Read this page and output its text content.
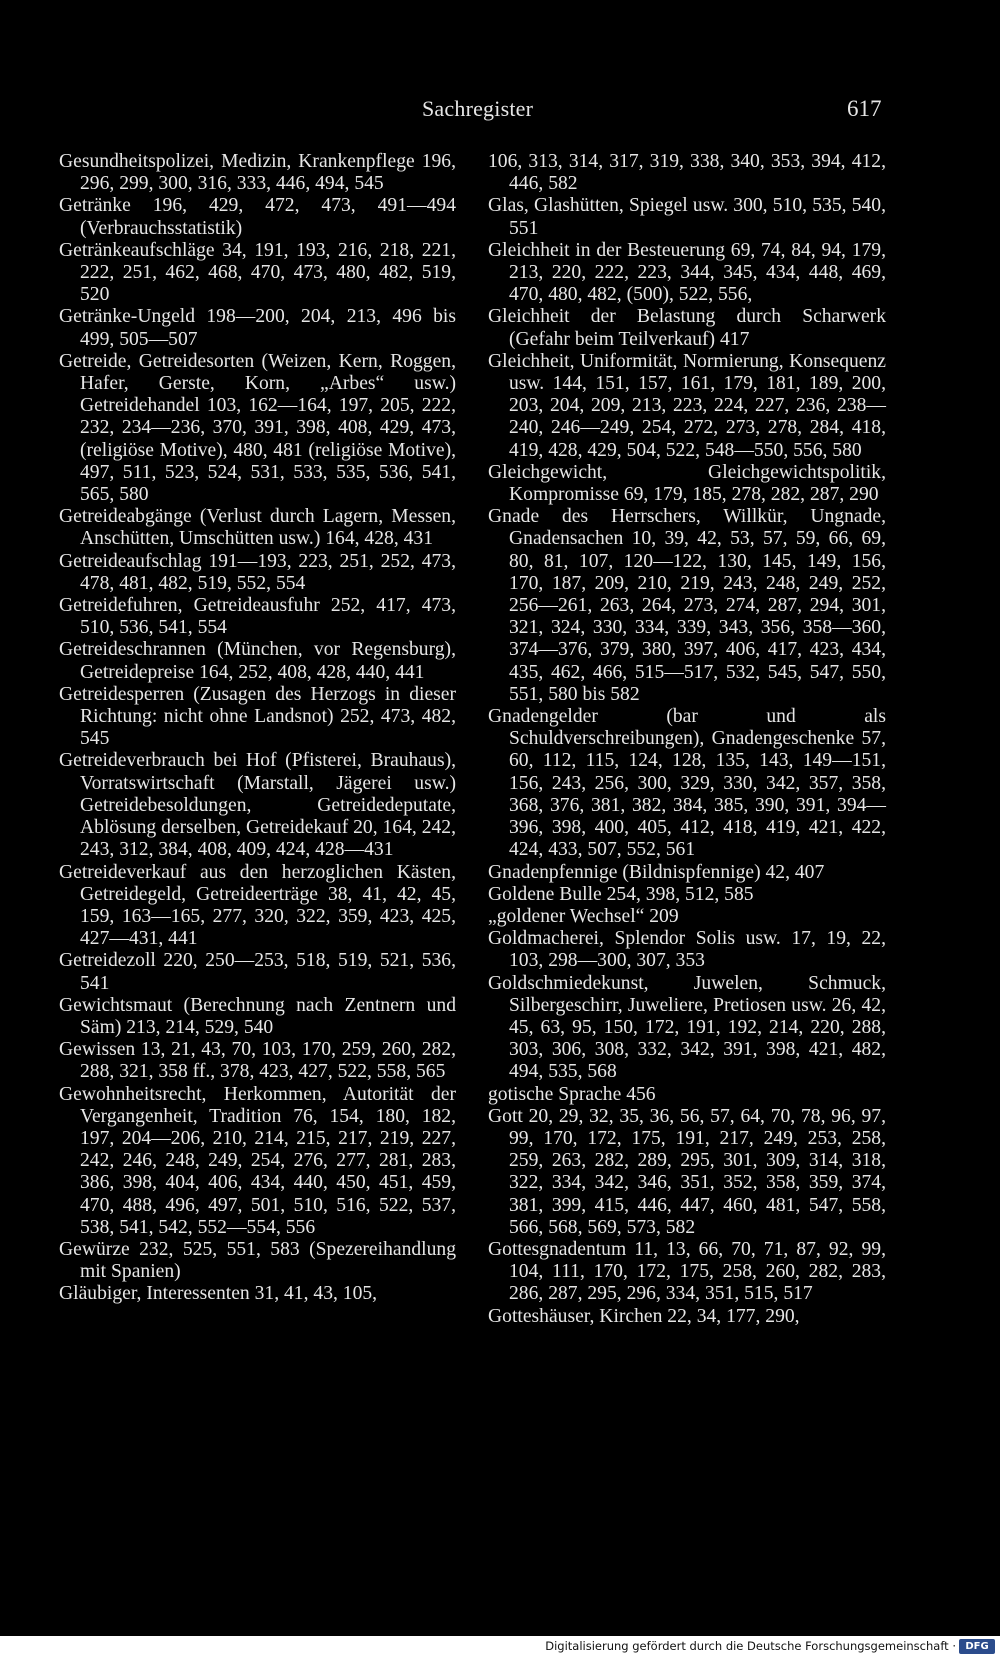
Sachregister	617

Gesundheitspolizei, Medizin, Krankenpflege 196, 296, 299, 300, 316, 333, 446, 494, 545

Getränke 196, 429, 472, 473, 491—494 (Verbrauchsstatistik)

Getränkeaufschläge 34, 191, 193, 216, 218, 221, 222, 251, 462, 468, 470, 473, 480, 482, 519, 520

Getränke-Ungeld 198—200, 204, 213, 496 bis 499, 505—507

Getreide, Getreidesorten (Weizen, Kern, Roggen, Hafer, Gerste, Korn, „Arbes“ usw.) Getreidehandel 103, 162—164, 197, 205, 222, 232, 234—236, 370, 391, 398, 408, 429, 473, (religiöse Motive), 480, 481 (religiöse Motive), 497, 511, 523, 524, 531, 533, 535, 536, 541, 565, 580

Getreideabgänge (Verlust durch Lagern, Messen, Anschütten, Umschütten usw.) 164, 428, 431

Getreideaufschlag 191—193, 223, 251, 252, 473, 478, 481, 482, 519, 552, 554

Getreidefuhren, Getreideausfuhr 252, 417, 473, 510, 536, 541, 554

Getreideschrannen (München, vor Regensburg), Getreidepreise 164, 252, 408, 428, 440, 441

Getreidesperren (Zusagen des Herzogs in dieser Richtung: nicht ohne Landsnot) 252, 473, 482, 545

Getreideverbrauch bei Hof (Pfisterei, Brauhaus), Vorratswirtschaft (Marstall, Jägerei usw.) Getreidebesoldungen, Getreidedeputate, Ablösung derselben, Getreidekauf 20, 164, 242, 243, 312, 384, 408, 409, 424, 428—431

Getreideverkauf aus den herzoglichen Kästen, Getreidegeld, Getreideerträge 38, 41, 42, 45, 159, 163—165, 277, 320, 322, 359, 423, 425, 427—431, 441

Getreidezoll 220, 250—253, 518, 519, 521, 536, 541

Gewichtsmaut (Berechnung nach Zentnern und Säm) 213, 214, 529, 540

Gewissen 13, 21, 43, 70, 103, 170, 259, 260, 282, 288, 321, 358 ff., 378, 423, 427, 522, 558, 565

Gewohnheitsrecht, Herkommen, Autorität der Vergangenheit, Tradition 76, 154, 180, 182, 197, 204—206, 210, 214, 215, 217, 219, 227, 242, 246, 248, 249, 254, 276, 277, 281, 283, 386, 398, 404, 406, 434, 440, 450, 451, 459, 470, 488, 496, 497, 501, 510, 516, 522, 537, 538, 541, 542, 552—554, 556

Gewürze 232, 525, 551, 583 (Spezereihandlung mit Spanien)

Gläubiger, Interessenten 31, 41, 43, 105,

106, 313, 314, 317, 319, 338, 340, 353, 394, 412, 446, 582

Glas, Glashütten, Spiegel usw. 300, 510, 535, 540, 551

Gleichheit in der Besteuerung 69, 74, 84, 94, 179, 213, 220, 222, 223, 344, 345, 434, 448, 469, 470, 480, 482, (500), 522, 556,

Gleichheit der Belastung durch Scharwerk (Gefahr beim Teilverkauf) 417

Gleichheit, Uniformität, Normierung, Konsequenz usw. 144, 151, 157, 161, 179, 181, 189, 200, 203, 204, 209, 213, 223, 224, 227, 236, 238—240, 246—249, 254, 272, 273, 278, 284, 418, 419, 428, 429, 504, 522, 548—550, 556, 580

Gleichgewicht, Gleichgewichtspolitik, Kompromisse 69, 179, 185, 278, 282, 287, 290

Gnade des Herrschers, Willkür, Ungnade, Gnadensachen 10, 39, 42, 53, 57, 59, 66, 69, 80, 81, 107, 120—122, 130, 145, 149, 156, 170, 187, 209, 210, 219, 243, 248, 249, 252, 256—261, 263, 264, 273, 274, 287, 294, 301, 321, 324, 330, 334, 339, 343, 356, 358—360, 374—376, 379, 380, 397, 406, 417, 423, 434, 435, 462, 466, 515—517, 532, 545, 547, 550, 551, 580 bis 582

Gnadengelder (bar und als Schuldverschreibungen), Gnadengeschenke 57, 60, 112, 115, 124, 128, 135, 143, 149—151, 156, 243, 256, 300, 329, 330, 342, 357, 358, 368, 376, 381, 382, 384, 385, 390, 391, 394—396, 398, 400, 405, 412, 418, 419, 421, 422, 424, 433, 507, 552, 561

Gnadenpfennige (Bildnispfennige) 42, 407

Goldene Bulle 254, 398, 512, 585

„goldener Wechsel“ 209

Goldmacherei, Splendor Solis usw. 17, 19, 22, 103, 298—300, 307, 353

Goldschmiedekunst, Juwelen, Schmuck, Silbergeschirr, Juweliere, Pretiosen usw. 26, 42, 45, 63, 95, 150, 172, 191, 192, 214, 220, 288, 303, 306, 308, 332, 342, 391, 398, 421, 482, 494, 535, 568

gotische Sprache 456

Gott 20, 29, 32, 35, 36, 56, 57, 64, 70, 78, 96, 97, 99, 170, 172, 175, 191, 217, 249, 253, 258, 259, 263, 282, 289, 295, 301, 309, 314, 318, 322, 334, 342, 346, 351, 352, 358, 359, 374, 381, 399, 415, 446, 447, 460, 481, 547, 558, 566, 568, 569, 573, 582

Gottesgnadentum 11, 13, 66, 70, 71, 87, 92, 99, 104, 111, 170, 172, 175, 258, 260, 282, 283, 286, 287, 295, 296, 334, 351, 515, 517

Gotteshäuser, Kirchen 22, 34, 177, 290,

Digitalisierung gefördert durch die Deutsche Forschungsgemeinschaft · DFG
